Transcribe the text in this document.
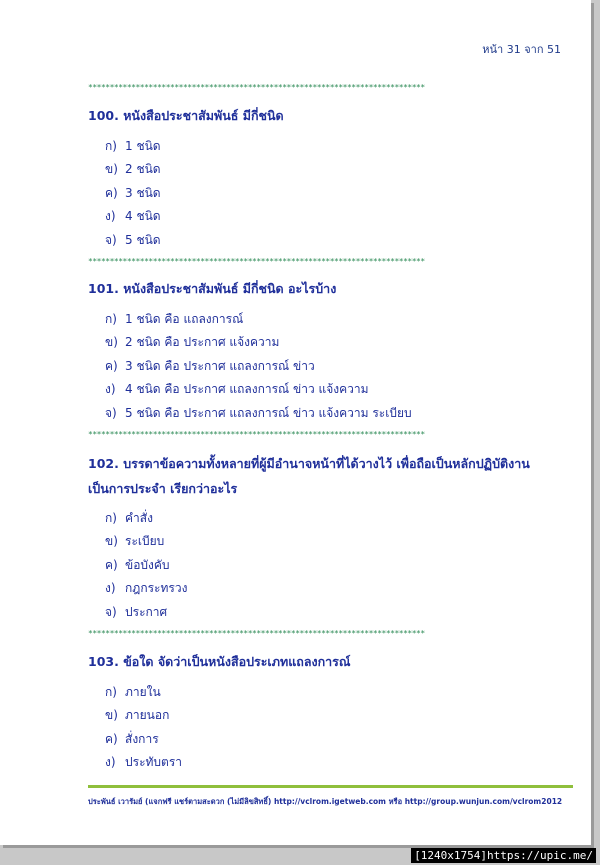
หน้า 31 จาก 51
******************************************************************************
100. หนังสือประชาสัมพันธ์ มีกี่ชนิด
ก) 1 ชนิด
ข) 2 ชนิด
ค) 3 ชนิด
ง) 4 ชนิด
จ) 5 ชนิด
******************************************************************************
101. หนังสือประชาสัมพันธ์ มีกี่ชนิด อะไรบ้าง
ก) 1 ชนิด คือ แถลงการณ์
ข) 2 ชนิด คือ ประกาศ แจ้งความ
ค) 3 ชนิด คือ ประกาศ แถลงการณ์ ข่าว
ง) 4 ชนิด คือ ประกาศ แถลงการณ์ ข่าว แจ้งความ
จ) 5 ชนิด คือ ประกาศ แถลงการณ์ ข่าว แจ้งความ ระเบียบ
******************************************************************************
102. บรรดาข้อความทั้งหลายที่ผู้มีอำนาจหน้าที่ได้วางไว้ เพื่อถือเป็นหลักปฏิบัติงาน เป็นการประจำ เรียกว่าอะไร
ก) คำสั่ง
ข) ระเบียบ
ค) ข้อบังคับ
ง) กฎกระทรวง
จ) ประกาศ
******************************************************************************
103. ข้อใด จัดว่าเป็นหนังสือประเภทแถลงการณ์
ก) ภายใน
ข) ภายนอก
ค) สั่งการ
ง) ประทับตรา
ประพันธ์ เวารัมย์ (แจกฟรี แชร์ตามสะดวก (ไม่มีลิขสิทธิ์) http://vclrom.igetweb.com หรือ http://group.wunjun.com/vclrom2012
[1240x1754]https://upic.me/
